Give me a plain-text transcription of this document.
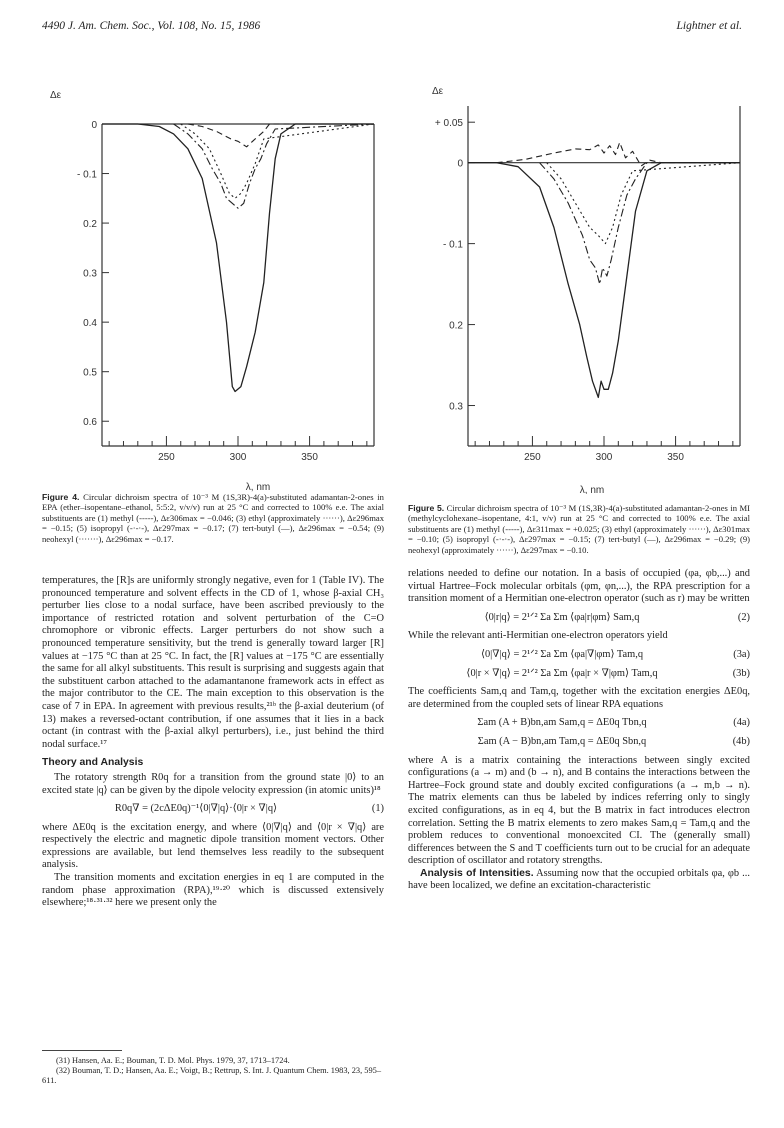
4490 J. Am. Chem. Soc., Vol. 108, No. 15, 1986	Lightner et al.
Δε
λ, nm
0
- 0.1
0.2
0.3
0.4
0.5
0.6
250	300	350
Δε
λ, nm
+ 0.05
0
- 0.1
0.2
0.3
250	300	350
Figure 4. Circular dichroism spectra of 10⁻³ M (1S,3R)-4(a)-substituted adamantan-2-ones in EPA (ether–isopentane–ethanol, 5:5:2, v/v/v) run at 25 °C and corrected to 100% e.e. The axial substituents are (1) methyl (-----), Δε306max = −0.046; (3) ethyl (approximately ······), Δε296max = −0.15; (5) isopropyl (-·-·-), Δε297max = −0.17; (7) tert-butyl (—), Δε296max = −0.54; (9) neohexyl (·······), Δε296max = −0.17.
Figure 5. Circular dichroism spectra of 10⁻³ M (1S,3R)-4(a)-substituted adamantan-2-ones in MI (methylcyclohexane–isopentane, 4:1, v/v) run at 25 °C and corrected to 100% e.e. The axial substituents are (1) methyl (-----), Δε311max = +0.025; (3) ethyl (approximately ······), Δε301max = −0.10; (5) isopropyl (-·-·-), Δε297max = −0.15; (7) tert-butyl (—), Δε296max = −0.29; (9) neohexyl (approximately ······), Δε297max = −0.10.

temperatures, the [R]s are uniformly strongly negative, even for 1 (Table IV). The pronounced temperature and solvent effects in the CD of 1, whose β-axial CH₃ perturber lies close to a nodal surface, have been ascribed previously to the importance of restricted rotation and solvent perturbation of the C=O chromophore or vibronic effects. Larger perturbers do not show such a pronounced temperature sensitivity, but the trend is generally toward larger [R] values at −175 °C than at 25 °C. In fact, the [R] values at −175 °C are essentially the same for all alkyl substituents. This result is surprising and suggests again that the substituent carbon attached to the adamantanone framework acts in effect as the major contributor to the CE. The main exception to this observation is the case of 7 in EPA. In agreement with previous results,²¹ᵇ the β-axial deuterium (of 13) makes a reversed-octant contribution, if one assumes that it lies in a back octant (in contrast with the β-axial alkyl perturbers), i.e., just behind the third nodal surface.¹⁷

Theory and Analysis

The rotatory strength R0q for a transition from the ground state |0⟩ to an excited state |q⟩ can be given by the dipole velocity expression (in atomic units)¹⁸

R0q∇ = (2cΔE0q)⁻¹⟨0|∇|q⟩·⟨0|r × ∇|q⟩	(1)

where ΔE0q is the excitation energy, and where ⟨0|∇|q⟩ and ⟨0|r × ∇|q⟩ are respectively the electric and magnetic dipole transition moment vectors. Other expressions are available, but lend themselves less readily to the subsequent analysis.

The transition moments and excitation energies in eq 1 are computed in the random phase approximation (RPA),¹⁹·²⁰ which is discussed extensively elsewhere;¹⁸·³¹·³² here we present only the

(31) Hansen, Aa. E.; Bouman, T. D. Mol. Phys. 1979, 37, 1713–1724.
(32) Bouman, T. D.; Hansen, Aa. E.; Voigt, B.; Rettrup, S. Int. J. Quantum Chem. 1983, 23, 595–611.

relations needed to define our notation. In a basis of occupied (φa, φb,...) and virtual Hartree–Fock molecular orbitals (φm, φn,...), the RPA prescription for a transition moment of a Hermitian one-electron operator (such as r) may be written

⟨0|r|q⟩ = 2¹ᐟ² Σa Σm ⟨φa|r|φm⟩ Sam,q	(2)

While the relevant anti-Hermitian one-electron operators yield

⟨0|∇|q⟩ = 2¹ᐟ² Σa Σm ⟨φa|∇|φm⟩ Tam,q	(3a)
⟨0|r × ∇|q⟩ = 2¹ᐟ² Σa Σm ⟨φa|r × ∇|φm⟩ Tam,q	(3b)

The coefficients Sam,q and Tam,q, together with the excitation energies ΔE0q, are determined from the coupled sets of linear RPA equations

Σam (A + B)bn,am Sam,q = ΔE0q Tbn,q	(4a)
Σam (A − B)bn,am Tam,q = ΔE0q Sbn,q	(4b)

where A is a matrix containing the interactions between singly excited configurations (a → m) and (b → n), and B contains the interactions between the Hartree–Fock ground state and doubly excited configurations (a → m,b → n). The matrix elements can thus be labeled by indices referring only to singly excited configurations, as in eq 4, but the B matrix in fact introduces electron correlation. Setting the B matrix elements to zero makes Sam,q = Tam,q and the problem reduces to conventional monoexcited CI. The (generally small) differences between the S and T coefficients turn out to be crucial for an adequate description of oscillator and rotatory strengths.

Analysis of Intensities. Assuming now that the occupied orbitals φa, φb ... have been localized, we define an excitation-characteristic
